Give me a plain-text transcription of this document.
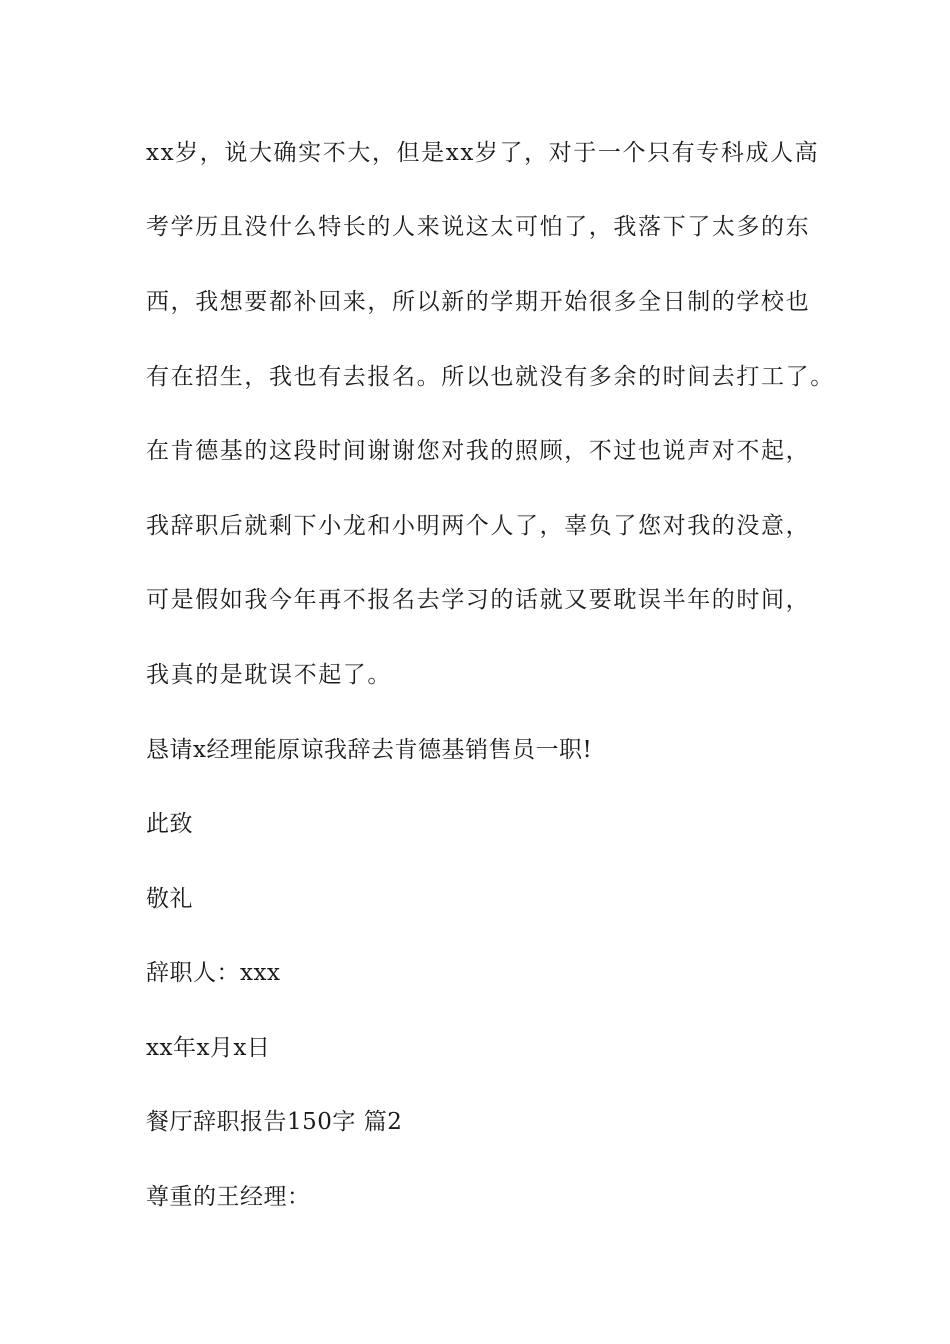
xx岁，说大确实不大，但是xx岁了，对于一个只有专科成人高
考学历且没什么特长的人来说这太可怕了，我落下了太多的东
西，我想要都补回来，所以新的学期开始很多全日制的学校也
有在招生，我也有去报名。所以也就没有多余的时间去打工了。
在肯德基的这段时间谢谢您对我的照顾，不过也说声对不起，
我辞职后就剩下小龙和小明两个人了，辜负了您对我的没意，
可是假如我今年再不报名去学习的话就又要耽误半年的时间，
我真的是耽误不起了。
恳请x经理能原谅我辞去肯德基销售员一职!
此致
敬礼
辞职人：xxx
xx年x月x日
餐厅辞职报告150字 篇2
尊重的王经理：
